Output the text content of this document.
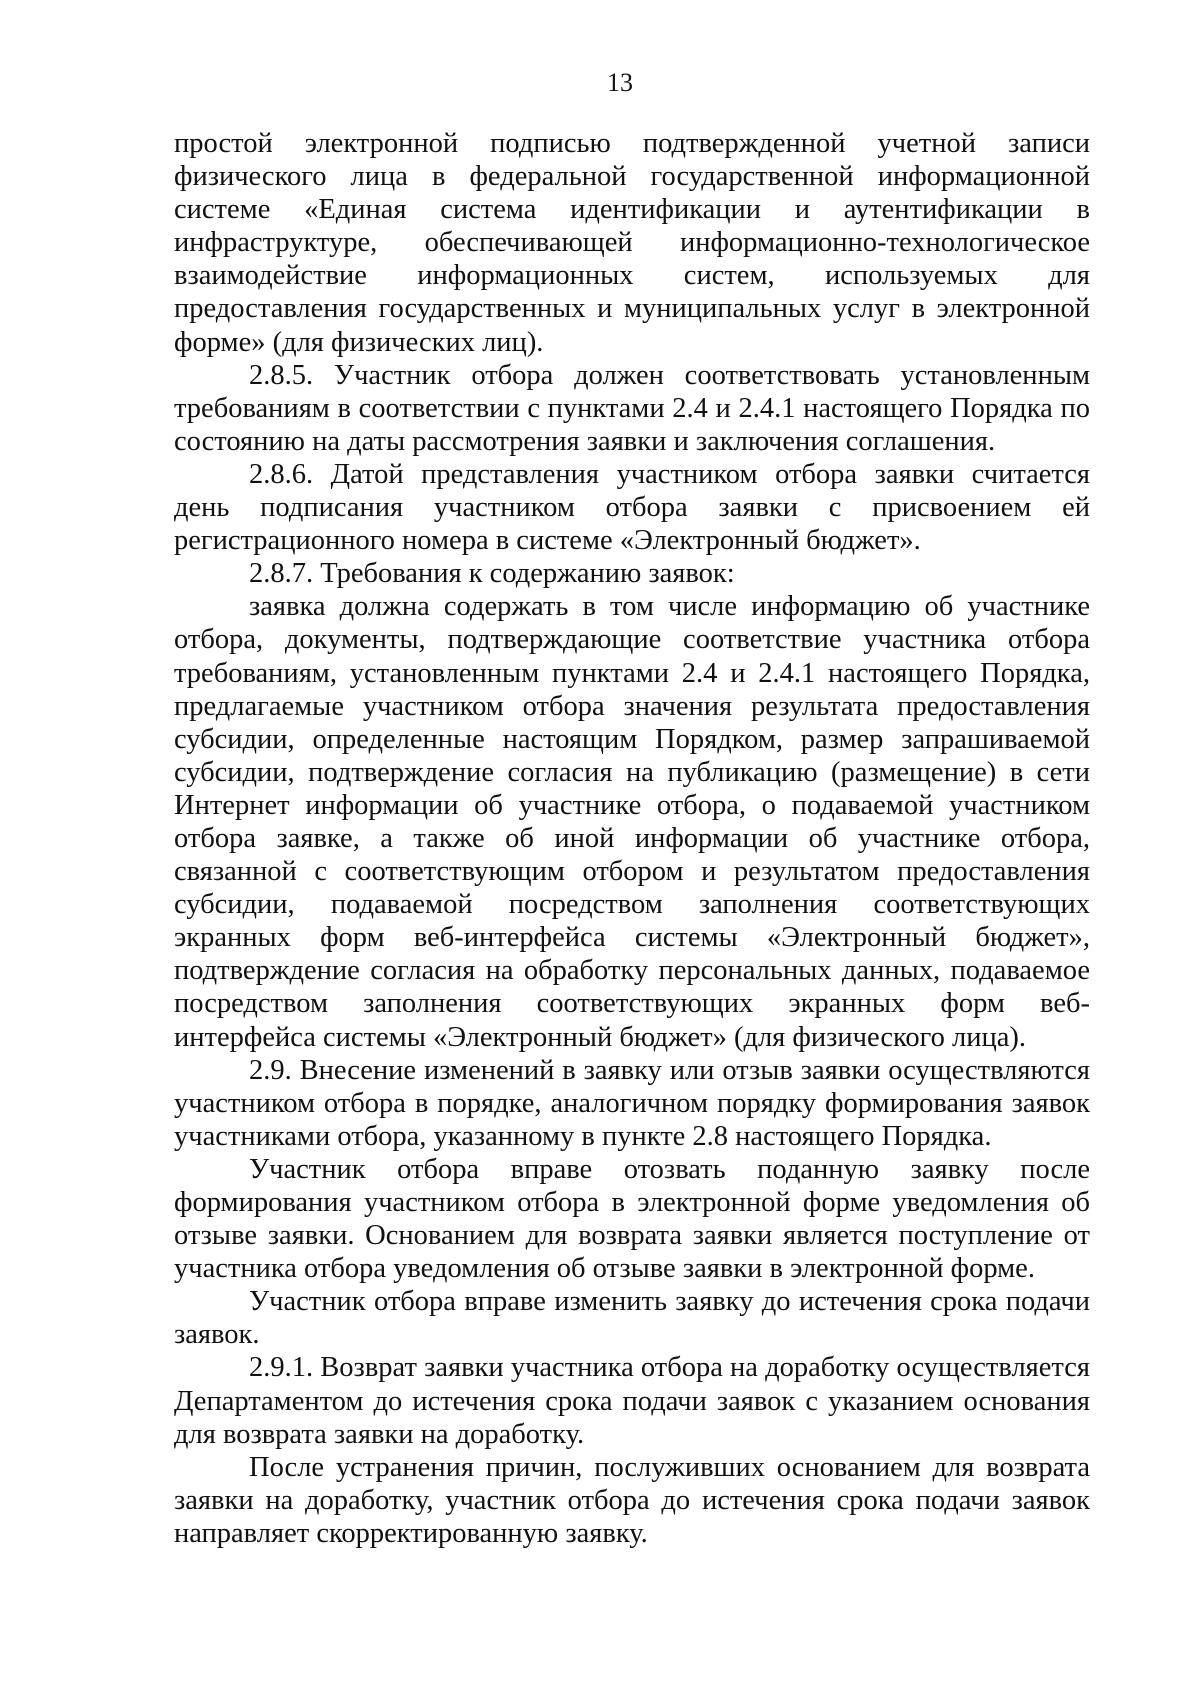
13

простой электронной подписью подтвержденной учетной записи физического лица в федеральной государственной информационной системе «Единая система идентификации и аутентификации в инфраструктуре, обеспечивающей информационно-технологическое взаимодействие информационных систем, используемых для предоставления государственных и муниципальных услуг в электронной форме» (для физических лиц).

2.8.5. Участник отбора должен соответствовать установленным требованиям в соответствии с пунктами 2.4 и 2.4.1 настоящего Порядка по состоянию на даты рассмотрения заявки и заключения соглашения.

2.8.6. Датой представления участником отбора заявки считается день подписания участником отбора заявки с присвоением ей регистрационного номера в системе «Электронный бюджет».

2.8.7. Требования к содержанию заявок:

заявка должна содержать в том числе информацию об участнике отбора, документы, подтверждающие соответствие участника отбора требованиям, установленным пунктами 2.4 и 2.4.1 настоящего Порядка, предлагаемые участником отбора значения результата предоставления субсидии, определенные настоящим Порядком, размер запрашиваемой субсидии, подтверждение согласия на публикацию (размещение) в сети Интернет информации об участнике отбора, о подаваемой участником отбора заявке, а также об иной информации об участнике отбора, связанной с соответствующим отбором и результатом предоставления субсидии, подаваемой посредством заполнения соответствующих экранных форм веб-интерфейса системы «Электронный бюджет», подтверждение согласия на обработку персональных данных, подаваемое посредством заполнения соответствующих экранных форм веб-интерфейса системы «Электронный бюджет» (для физического лица).

2.9. Внесение изменений в заявку или отзыв заявки осуществляются участником отбора в порядке, аналогичном порядку формирования заявок участниками отбора, указанному в пункте 2.8 настоящего Порядка.

Участник отбора вправе отозвать поданную заявку после формирования участником отбора в электронной форме уведомления об отзыве заявки. Основанием для возврата заявки является поступление от участника отбора уведомления об отзыве заявки в электронной форме.

Участник отбора вправе изменить заявку до истечения срока подачи заявок.

2.9.1. Возврат заявки участника отбора на доработку осуществляется Департаментом до истечения срока подачи заявок с указанием основания для возврата заявки на доработку.

После устранения причин, послуживших основанием для возврата заявки на доработку, участник отбора до истечения срока подачи заявок направляет скорректированную заявку.
